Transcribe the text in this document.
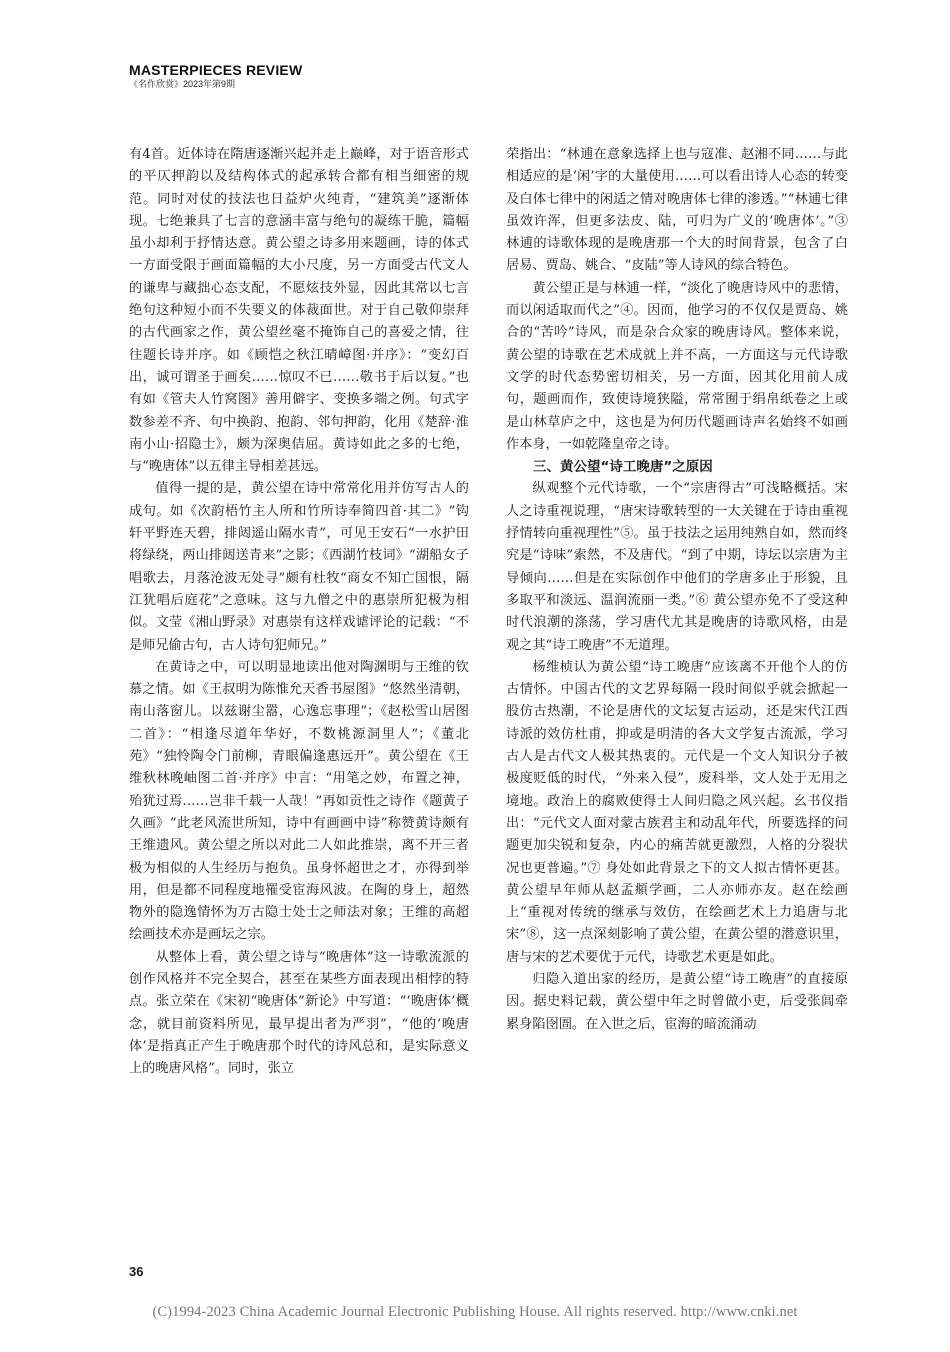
MASTERPIECES REVIEW
《名作欣赏》2023年第9期

有4首。近体诗在隋唐逐渐兴起并走上巅峰，对于语音形式的平仄押韵以及结构体式的起承转合都有相当细密的规范。同时对仗的技法也日益炉火纯青，“建筑美”逐渐体现。七绝兼具了七言的意涵丰富与绝句的凝练干脆，篇幅虽小却利于抒情达意。黄公望之诗多用来题画，诗的体式一方面受限于画面篇幅的大小尺度，另一方面受古代文人的谦卑与藏拙心态支配，不愿炫技外显，因此其常以七言绝句这种短小而不失要义的体裁面世。对于自己敬仰崇拜的古代画家之作，黄公望丝毫不掩饰自己的喜爱之情，往往题长诗并序。如《顾恺之秋江晴嶂图·并序》：“变幻百出，诚可谓圣于画矣……惊叹不已……敬书于后以复。”也有如《管夫人竹窝图》善用僻字、变换多端之例。句式字数参差不齐、句中换韵、抱韵、邻句押韵，化用《楚辞·淮南小山·招隐士》，颇为深奥佶屈。黄诗如此之多的七绝，与“晚唐体”以五律主导相差甚远。

值得一提的是，黄公望在诗中常常化用并仿写古人的成句。如《次韵梧竹主人所和竹所诗奉简四首·其二》“钩轩平野连天碧，排闼遥山隔水青”，可见王安石“一水护田将绿绕，两山排闼送青来”之影；《西湖竹枝词》“湖船女子唱歌去，月落沧波无处寻”颇有杜牧“商女不知亡国恨，隔江犹唱后庭花”之意味。这与九僧之中的惠崇所犯极为相似。文莹《湘山野录》对惠崇有这样戏谑评论的记载：“不是师兄偷古句，古人诗句犯师兄。”

在黄诗之中，可以明显地读出他对陶渊明与王维的钦慕之情。如《王叔明为陈惟允天香书屋图》“悠然坐清朝，南山落窗儿。以兹谢尘嚣，心逸忘事理”；《赵松雪山居图二首》：“相逢尽道年华好，不数桃源洞里人”；《董北苑》“独怜陶令门前柳，青眼偏逢惠远开”。黄公望在《王维秋林晚岫图二首·并序》中言：“用笔之妙，布置之神，殆犹过焉……岂非千载一人哉！”再如贡性之诗作《题黄子久画》“此老风流世所知，诗中有画画中诗”称赞黄诗颇有王维遗风。黄公望之所以对此二人如此推崇，离不开三者极为相似的人生经历与抱负。虽身怀超世之才，亦得到举用，但是都不同程度地罹受宦海风波。在陶的身上，超然物外的隐逸情怀为万古隐士处士之师法对象；王维的高超绘画技术亦是画坛之宗。

从整体上看，黄公望之诗与“晚唐体”这一诗歌流派的创作风格并不完全契合，甚至在某些方面表现出相悖的特点。张立荣在《宋初“晚唐体”新论》中写道：“‘晚唐体’概念，就目前资料所见，最早提出者为严羽”，“他的‘晚唐体’是指真正产生于晚唐那个时代的诗风总和，是实际意义上的晚唐风格”。同时，张立

荣指出：“林逋在意象选择上也与寇准、赵湘不同……与此相适应的是‘闲’字的大量使用……可以看出诗人心态的转变及白体七律中的闲适之情对晚唐体七律的渗透。”“林逋七律虽效许浑，但更多法皮、陆，可归为广义的‘晚唐体’。”③ 林逋的诗歌体现的是晚唐那一个大的时间背景，包含了白居易、贾岛、姚合、“皮陆”等人诗风的综合特色。

黄公望正是与林逋一样，“淡化了晚唐诗风中的悲情，而以闲适取而代之”④。因而，他学习的不仅仅是贾岛、姚合的“苦吟”诗风，而是杂合众家的晚唐诗风。整体来说，黄公望的诗歌在艺术成就上并不高，一方面这与元代诗歌文学的时代态势密切相关，另一方面，因其化用前人成句，题画而作，致使诗境狭隘，常常囿于绢帛纸卷之上或是山林草庐之中，这也是为何历代题画诗声名始终不如画作本身，一如乾隆皇帝之诗。

三、黄公望“诗工晚唐”之原因

纵观整个元代诗歌，一个“宗唐得古”可浅略概括。宋人之诗重视说理，“唐宋诗歌转型的一大关键在于诗由重视抒情转向重视理性”⑤。虽于技法之运用纯熟自如，然而终究是“诗味”索然，不及唐代。“到了中期，诗坛以宗唐为主导倾向……但是在实际创作中他们的学唐多止于形貌，且多取平和淡远、温润流丽一类。”⑥ 黄公望亦免不了受这种时代浪潮的涤荡，学习唐代尤其是晚唐的诗歌风格，由是观之其“诗工晚唐”不无道理。

杨维桢认为黄公望“诗工晚唐”应该离不开他个人的仿古情怀。中国古代的文艺界每隔一段时间似乎就会掀起一股仿古热潮，不论是唐代的文坛复古运动，还是宋代江西诗派的效仿杜甫，抑或是明清的各大文学复古流派，学习古人是古代文人极其热衷的。元代是一个文人知识分子被极度贬低的时代，“外来入侵”，废科举，文人处于无用之境地。政治上的腐败使得士人间归隐之风兴起。幺书仪指出：“元代文人面对蒙古族君主和动乱年代，所要选择的问题更加尖锐和复杂，内心的痛苦就更激烈，人格的分裂状况也更普遍。”⑦ 身处如此背景之下的文人拟古情怀更甚。黄公望早年师从赵孟頫学画，二人亦师亦友。赵在绘画上“重视对传统的继承与效仿，在绘画艺术上力追唐与北宋”⑧，这一点深刻影响了黄公望，在黄公望的潜意识里，唐与宋的艺术要优于元代，诗歌艺术更是如此。

归隐入道出家的经历，是黄公望“诗工晚唐”的直接原因。据史料记载，黄公望中年之时曾做小吏，后受张闾牵累身陷囹圄。在入世之后，宦海的暗流涌动

36
(C)1994-2023 China Academic Journal Electronic Publishing House. All rights reserved. http://www.cnki.net
